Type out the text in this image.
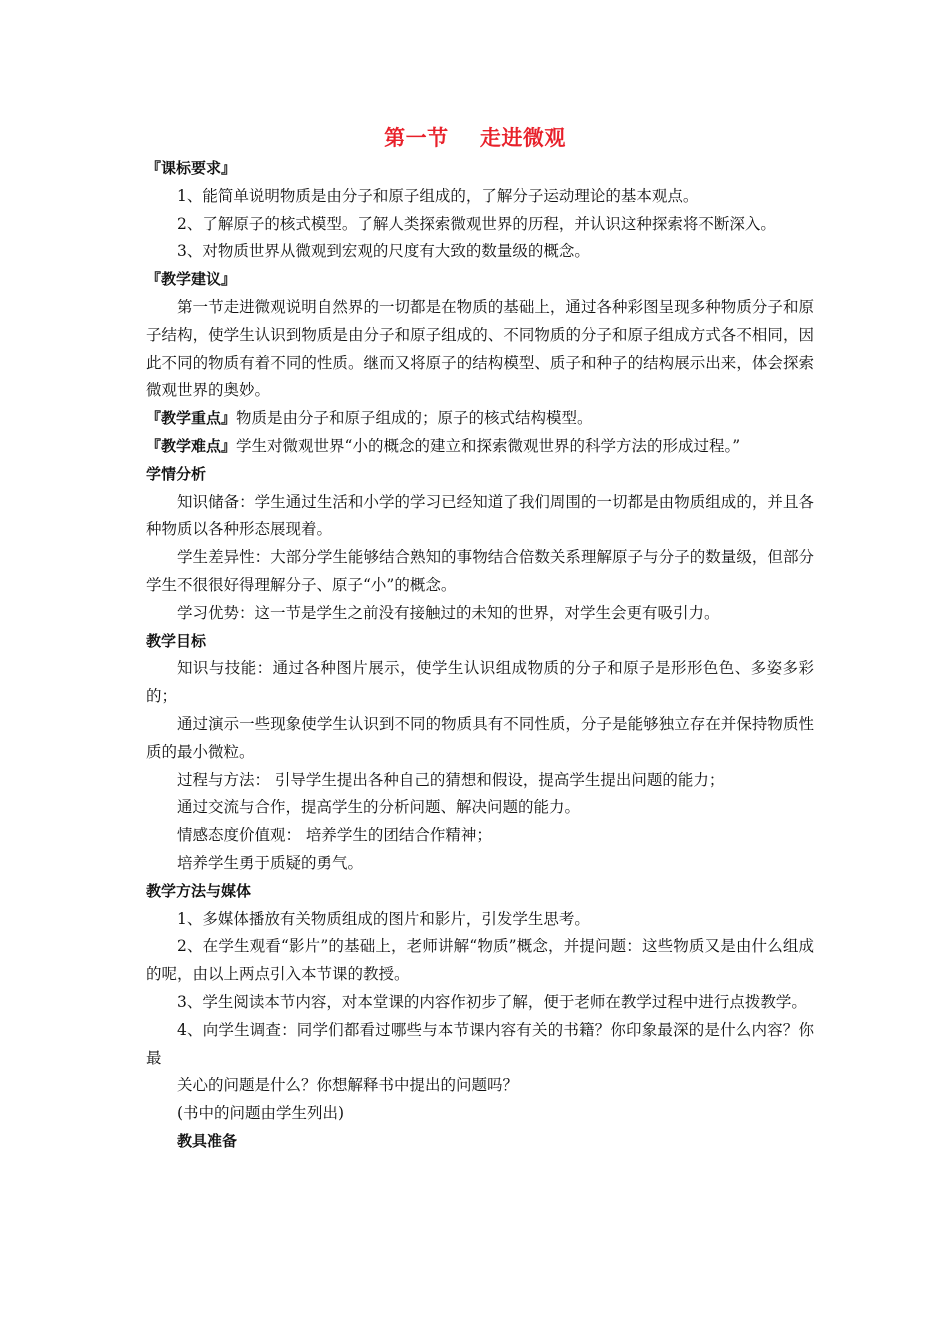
第一节    走进微观
『课标要求』
1、能简单说明物质是由分子和原子组成的，了解分子运动理论的基本观点。
2、了解原子的核式模型。了解人类探索微观世界的历程，并认识这种探索将不断深入。
3、对物质世界从微观到宏观的尺度有大致的数量级的概念。
『教学建议』
第一节走进微观说明自然界的一切都是在物质的基础上，通过各种彩图呈现多种物质分子和原子结构，使学生认识到物质是由分子和原子组成的、不同物质的分子和原子组成方式各不相同，因此不同的物质有着不同的性质。继而又将原子的结构模型、质子和种子的结构展示出来，体会探索微观世界的奥妙。
『教学重点』物质是由分子和原子组成的；原子的核式结构模型。
『教学难点』学生对微观世界“小的概念的建立和探索微观世界的科学方法的形成过程。”
学情分析
知识储备：学生通过生活和小学的学习已经知道了我们周围的一切都是由物质组成的，并且各种物质以各种形态展现着。
学生差异性：大部分学生能够结合熟知的事物结合倍数关系理解原子与分子的数量级，但部分学生不很很好得理解分子、原子“小”的概念。
学习优势：这一节是学生之前没有接触过的未知的世界，对学生会更有吸引力。
教学目标
知识与技能：通过各种图片展示，使学生认识组成物质的分子和原子是形形色色、多姿多彩的；
通过演示一些现象使学生认识到不同的物质具有不同性质，分子是能够独立存在并保持物质性质的最小微粒。
过程与方法： 引导学生提出各种自己的猜想和假设，提高学生提出问题的能力；
通过交流与合作，提高学生的分析问题、解决问题的能力。
情感态度价值观： 培养学生的团结合作精神；
培养学生勇于质疑的勇气。
教学方法与媒体
1、多媒体播放有关物质组成的图片和影片，引发学生思考。
2、在学生观看“影片”的基础上，老师讲解“物质”概念，并提问题：这些物质又是由什么组成的呢，由以上两点引入本节课的教授。
3、学生阅读本节内容，对本堂课的内容作初步了解，便于老师在教学过程中进行点拨教学。
4、向学生调查：同学们都看过哪些与本节课内容有关的书籍？你印象最深的是什么内容？你最
关心的问题是什么？你想解释书中提出的问题吗？
(书中的问题由学生列出)
教具准备
